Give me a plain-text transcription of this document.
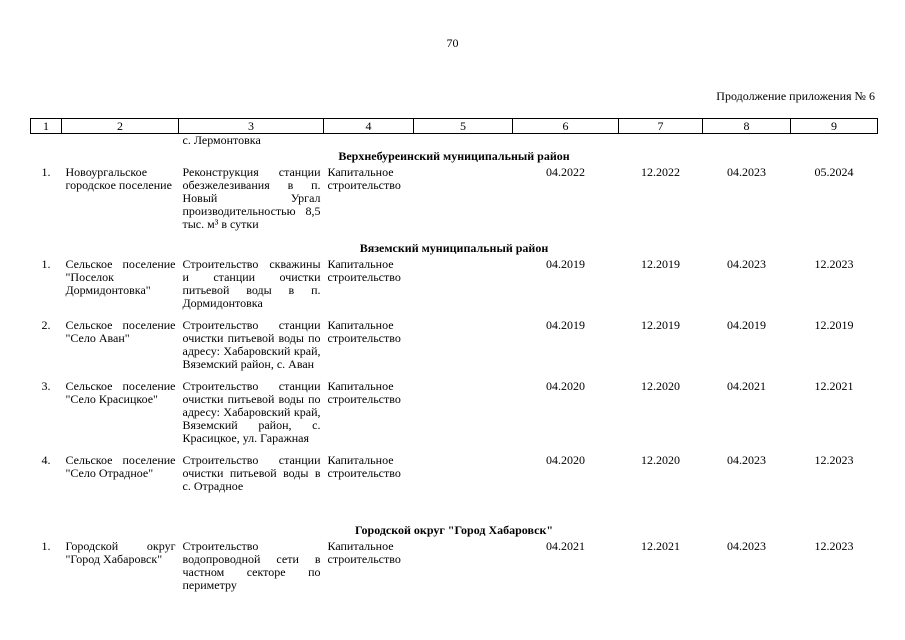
70
Продолжение приложения № 6
1	2	3	4	5	6	7	8	9
		с. Лермонтовка						
Верхнебуреинский муниципальный район								
1.	Новоургальское городское поселение	Реконструкция станции обезжелезивания в п. Новый Ургал производительностью 8,5 тыс. м³ в сутки	Капитальное строительство		04.2022	12.2022	04.2023	05.2024
Вяземский муниципальный район								
1.	Сельское поселение "Поселок Дормидонтовка"	Строительство скважины и станции очистки питьевой воды в п. Дормидонтовка	Капитальное строительство		04.2019	12.2019	04.2023	12.2023
2.	Сельское поселение "Село Аван"	Строительство станции очистки питьевой воды по адресу: Хабаровский край, Вяземский район, с. Аван	Капитальное строительство		04.2019	12.2019	04.2019	12.2019
3.	Сельское поселение "Село Красицкое"	Строительство станции очистки питьевой воды по адресу: Хабаровский край, Вяземский район, с. Красицкое, ул. Гаражная	Капитальное строительство		04.2020	12.2020	04.2021	12.2021
4.	Сельское поселение "Село Отрадное"	Строительство станции очистки питьевой воды в с. Отрадное	Капитальное строительство		04.2020	12.2020	04.2023	12.2023
Городской округ "Город Хабаровск"								
1.	Городской округ "Город Хабаровск"	Строительство водопроводной сети в частном секторе по периметру	Капитальное строительство		04.2021	12.2021	04.2023	12.2023
